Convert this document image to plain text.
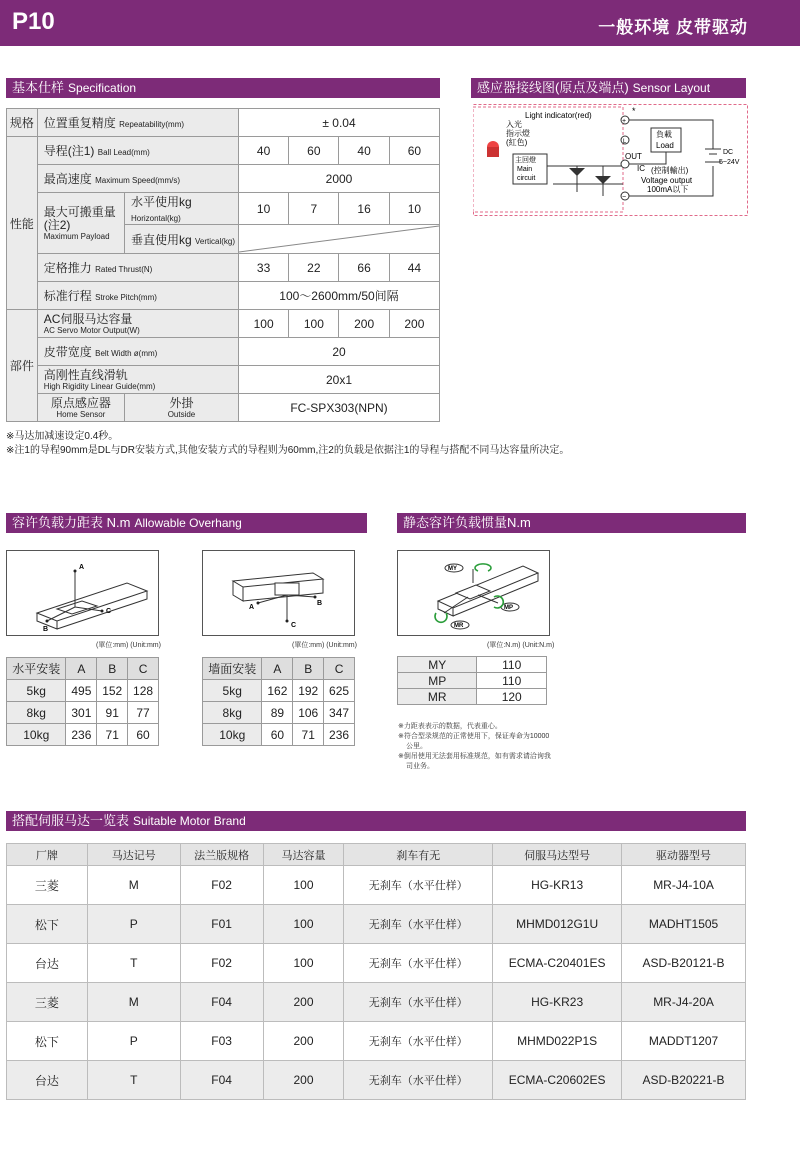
P10	一般环境 皮带驱动
基本仕样 Specification	感应器接线图(原点及端点) Sensor Layout
规格	位置重复精度 Repeatability(mm)		± 0.04			
性能	导程(注1) Ball Lead(mm)		40	60	40	60
	最高速度 Maximum Speed(mm/s)		2000			

	最大可搬重量(注2)
Maximum Payload	水平使用kg Horizontal(kg)	10	7	16	10
		垂直使用kg Vertical(kg)	

	定格推力 Rated Thrust(N)		33	22	66	44
	标准行程 Stroke Pitch(mm)		100～2600mm/50间隔			
部件	AC伺服马达容量
AC Servo Motor Output(W)		100	100	200	200
	皮带宽度 Belt Width ø(mm)		20			

	高刚性直线滑轨
High Rigidity Linear Guide(mm)		20x1			

	原点感应器
Home Sensor	外掛
Outside	FC-SPX303(NPN)			
※马达加减速设定0.4秒。
※注1的导程90mm是DL与DR安装方式,其他安装方式的导程则为60mm,注2的负载是依据注1的导程与搭配不同马达容量所决定。
入光
指示燈
(紅色)
Light indicator(red)
主回燈
Main
circuit
+
L
−
*
負載
Load
DC
5~24V
OUT
IC (控制輸出)
Voltage output
100mA以下
容许负载力距表 N.m Allowable Overhang	静态容许负载惯量N.m
A
B
C
(單位:mm) (Unit:mm)
C
A
B
(單位:mm) (Unit:mm)
MY
MP
MR
(單位:N.m) (Unit:N.m)
水平安装	A	B	C
5kg	495	152	128
8kg	301	91	77
10kg	236	71	60
墙面安装	A	B	C
5kg	162	192	625
8kg	89	106	347
10kg	60	71	236
MY	110
MP	110
MR	120
※力距表表示的数据，代表重心。
※符合型录规范的正常使用下，保证寿命为10000
公里。
※倒吊使用无法套用标准规范，如有需求请洽询我
司业务。
搭配伺服马达一览表 Suitable Motor Brand
厂牌	马达记号	法兰版规格	马达容量	刹车有无	伺服马达型号	驱动器型号
三菱	M	F02	100	无刹车（水平仕样）	HG-KR13	MR-J4-10A
松下	P	F01	100	无刹车（水平仕样）	MHMD012G1U	MADHT1505
台达	T	F02	100	无刹车（水平仕样）	ECMA-C20401ES	ASD-B20121-B
三菱	M	F04	200	无刹车（水平仕样）	HG-KR23	MR-J4-20A
松下	P	F03	200	无刹车（水平仕样）	MHMD022P1S	MADDT1207
台达	T	F04	200	无刹车（水平仕样）	ECMA-C20602ES	ASD-B20221-B
